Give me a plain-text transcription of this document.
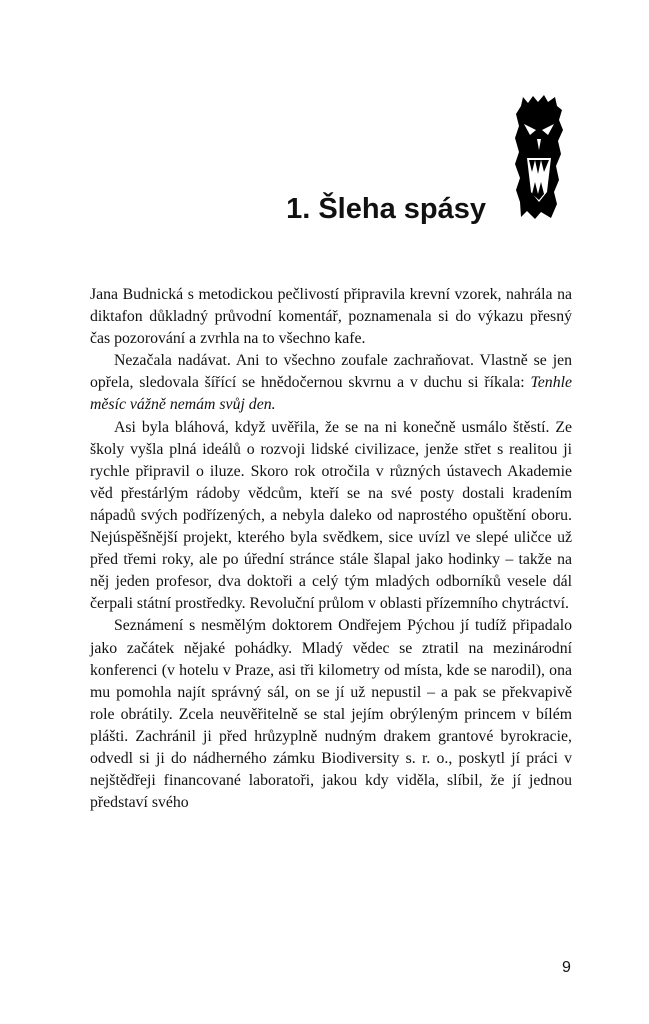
1. Šleha spásy

Jana Budnická s metodickou pečlivostí připravila krevní vzorek, nahrála na diktafon důkladný průvodní komentář, poznamenala si do výkazu přesný čas pozorování a zvrhla na to všechno kafe.

Nezačala nadávat. Ani to všechno zoufale zachraňovat. Vlastně se jen opřela, sledovala šířící se hnědočernou skvrnu a v duchu si říkala: Tenhle měsíc vážně nemám svůj den.

Asi byla bláhová, když uvěřila, že se na ni konečně usmálo štěstí. Ze školy vyšla plná ideálů o rozvoji lidské civilizace, jenže střet s realitou ji rychle připravil o iluze. Skoro rok otročila v různých ústavech Akademie věd přestárlým rádoby vědcům, kteří se na své posty dostali kradením nápadů svých podřízených, a nebyla daleko od naprostého opuštění oboru. Nejúspěšnější projekt, kterého byla svědkem, sice uvízl ve slepé uličce už před třemi roky, ale po úřední stránce stále šlapal jako hodinky – takže na něj jeden profesor, dva doktoři a celý tým mladých odborníků vesele dál čerpali státní prostředky. Revoluční průlom v oblasti přízemního chytráctví.

Seznámení s nesmělým doktorem Ondřejem Pýchou jí tudíž připadalo jako začátek nějaké pohádky. Mladý vědec se ztratil na mezinárodní konferenci (v hotelu v Praze, asi tři kilometry od místa, kde se narodil), ona mu pomohla najít správný sál, on se jí už nepustil – a pak se překvapivě role obrátily. Zcela neuvěřitelně se stal jejím obrýleným princem v bílém plášti. Zachránil ji před hrůzyplně nudným drakem grantové byrokracie, odvedl si ji do nádherného zámku Biodiversity s. r. o., poskytl jí práci v nejštědřeji financované laboratoři, jakou kdy viděla, slíbil, že jí jednou představí svého

9
